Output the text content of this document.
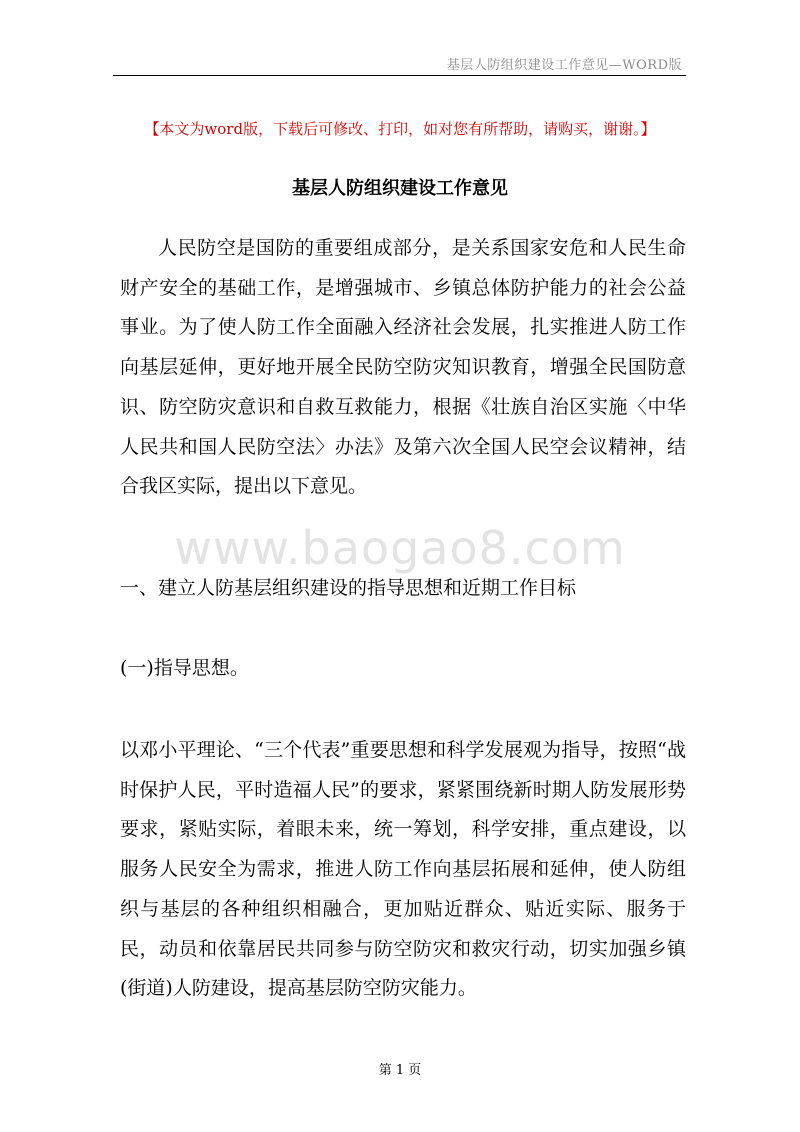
基层人防组织建设工作意见—WORD版
【本文为word版，下载后可修改、打印，如对您有所帮助，请购买，谢谢。】
基层人防组织建设工作意见

人民防空是国防的重要组成部分，是关系国家安危和人民生命财产安全的基础工作，是增强城市、乡镇总体防护能力的社会公益事业。为了使人防工作全面融入经济社会发展，扎实推进人防工作向基层延伸，更好地开展全民防空防灾知识教育，增强全民国防意识、防空防灾意识和自救互救能力，根据《壮族自治区实施〈中华人民共和国人民防空法〉办法》及第六次全国人民空会议精神，结合我区实际，提出以下意见。

www.baogao8.com
一、建立人防基层组织建设的指导思想和近期工作目标
(一)指导思想。

以邓小平理论、“三个代表”重要思想和科学发展观为指导，按照“战时保护人民，平时造福人民”的要求，紧紧围绕新时期人防发展形势要求，紧贴实际，着眼未来，统一筹划，科学安排，重点建设，以服务人民安全为需求，推进人防工作向基层拓展和延伸，使人防组织与基层的各种组织相融合，更加贴近群众、贴近实际、服务于民，动员和依靠居民共同参与防空防灾和救灾行动，切实加强乡镇(街道)人防建设，提高基层防空防灾能力。

第 1 页
